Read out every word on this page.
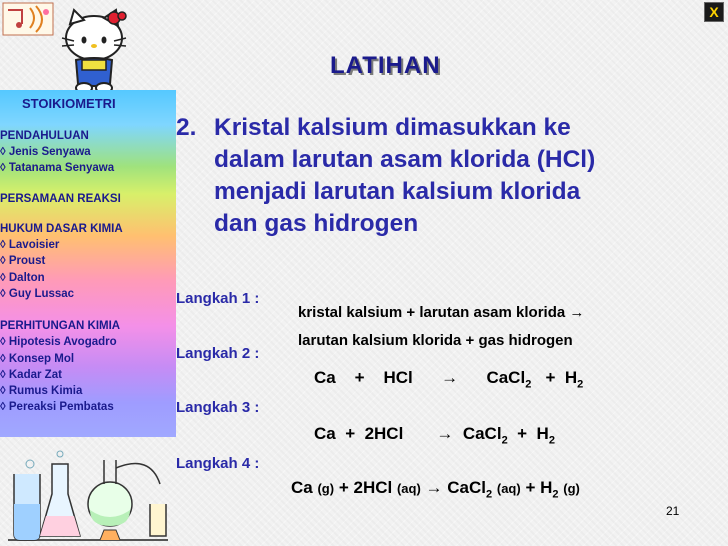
X
LATIHAN
STOIKIOMETRI
PENDAHULUAN
◊ Jenis Senyawa
◊ Tatanama Senyawa
PERSAMAAN REAKSI
HUKUM DASAR KIMIA
◊ Lavoisier
◊ Proust
◊ Dalton
◊ Guy Lussac
PERHITUNGAN KIMIA
◊ Hipotesis Avogadro
◊ Konsep Mol
◊ Kadar Zat
◊ Rumus Kimia
◊ Pereaksi Pembatas
2. Kristal kalsium dimasukkan ke
dalam larutan asam klorida (HCl)
menjadi larutan kalsium klorida
dan gas hidrogen
Langkah 1 :
Langkah 2 :
Langkah 3 :
Langkah 4 :
kristal kalsium + larutan asam klorida →
larutan kalsium klorida + gas hidrogen
Ca + HCl → CaCl$_2$ + $H_2$
Ca + 2HCl → CaCl$_2$ + $H_2$
Ca (g) + 2HCl (aq) → CaCl$_2$ $(aq) + H_2$ (g)
21
